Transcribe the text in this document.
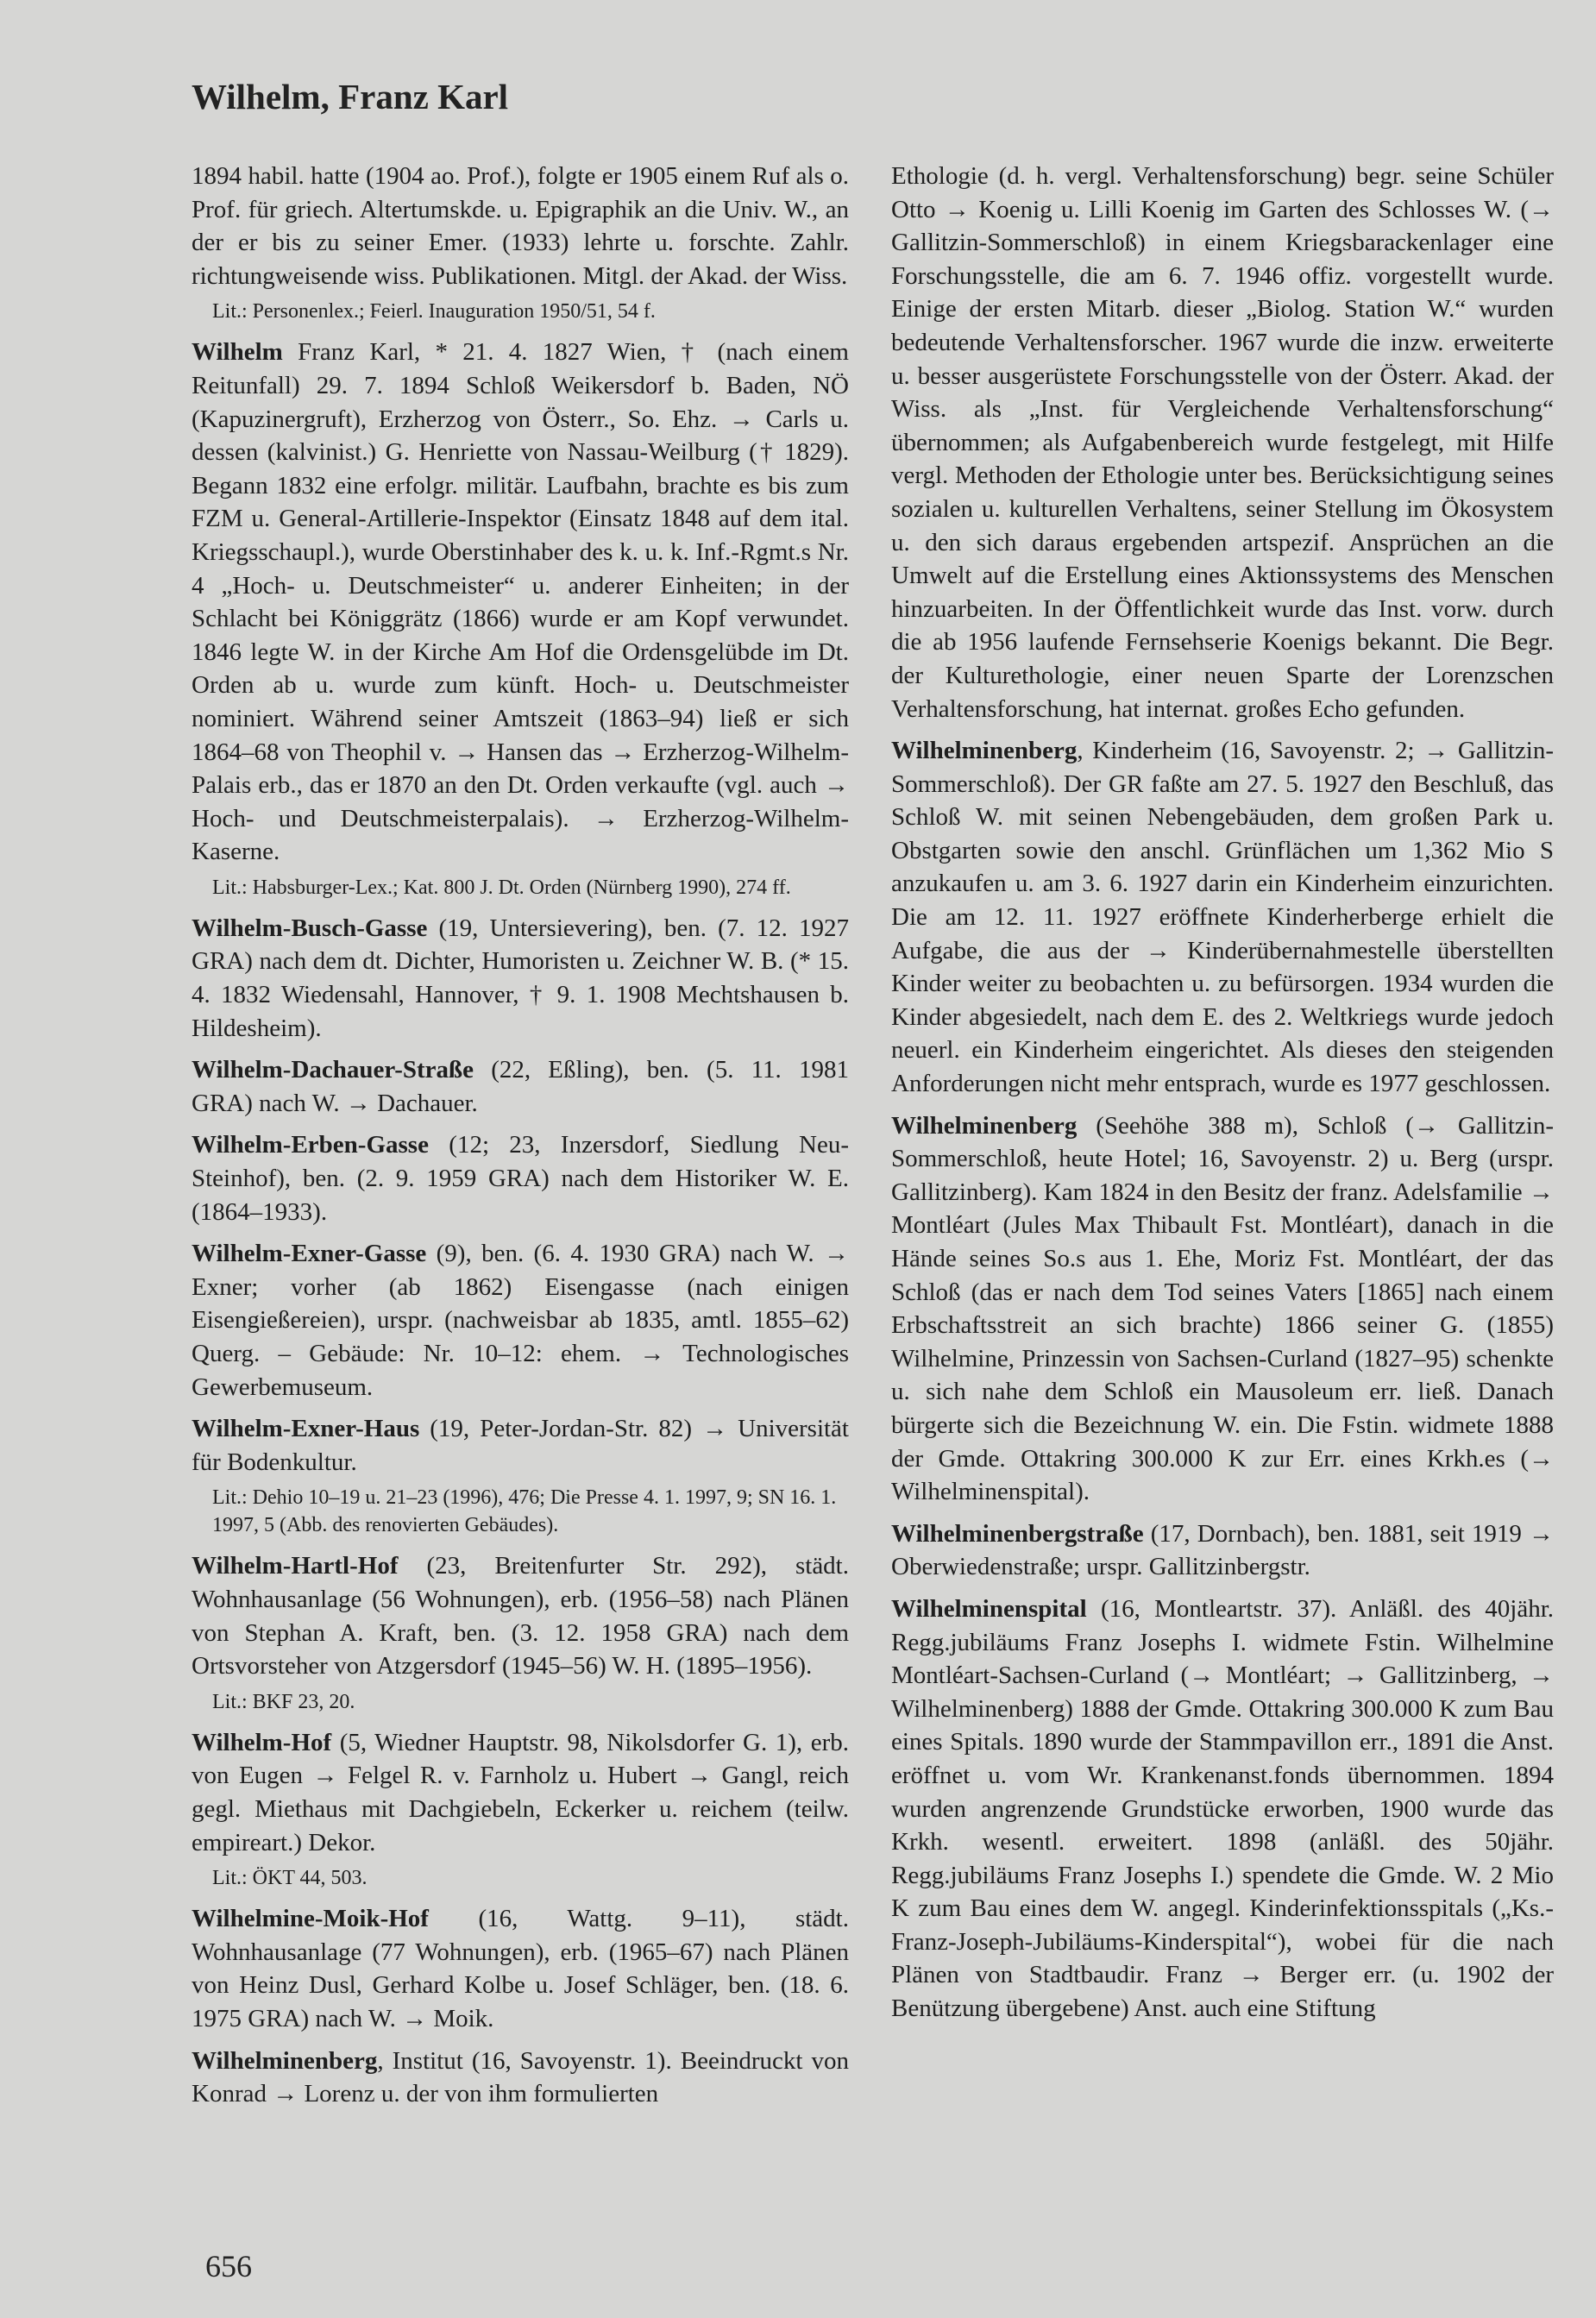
Wilhelm, Franz Karl

1894 habil. hatte (1904 ao. Prof.), folgte er 1905 einem Ruf als o. Prof. für griech. Altertumskde. u. Epigraphik an die Univ. W., an der er bis zu seiner Emer. (1933) lehrte u. forschte. Zahlr. richtungweisende wiss. Publikationen. Mitgl. der Akad. der Wiss.

Lit.: Personenlex.; Feierl. Inauguration 1950/51, 54 f.

Wilhelm Franz Karl, * 21. 4. 1827 Wien, † (nach einem Reitunfall) 29. 7. 1894 Schloß Weikersdorf b. Baden, NÖ (Kapuzinergruft), Erzherzog von Österr., So. Ehz. → Carls u. dessen (kalvinist.) G. Henriette von Nassau-Weilburg († 1829). Begann 1832 eine erfolgr. militär. Laufbahn, brachte es bis zum FZM u. General-Artillerie-Inspektor (Einsatz 1848 auf dem ital. Kriegsschaupl.), wurde Oberstinhaber des k. u. k. Inf.-Rgmt.s Nr. 4 „Hoch- u. Deutschmeister“ u. anderer Einheiten; in der Schlacht bei Königgrätz (1866) wurde er am Kopf verwundet. 1846 legte W. in der Kirche Am Hof die Ordensgelübde im Dt. Orden ab u. wurde zum künft. Hoch- u. Deutschmeister nominiert. Während seiner Amtszeit (1863–94) ließ er sich 1864–68 von Theophil v. → Hansen das → Erzherzog-Wilhelm-Palais erb., das er 1870 an den Dt. Orden verkaufte (vgl. auch → Hoch- und Deutschmeisterpalais). → Erzherzog-Wilhelm-Kaserne.

Lit.: Habsburger-Lex.; Kat. 800 J. Dt. Orden (Nürnberg 1990), 274 ff.

Wilhelm-Busch-Gasse (19, Untersievering), ben. (7. 12. 1927 GRA) nach dem dt. Dichter, Humoristen u. Zeichner W. B. (* 15. 4. 1832 Wiedensahl, Hannover, † 9. 1. 1908 Mechtshausen b. Hildesheim).

Wilhelm-Dachauer-Straße (22, Eßling), ben. (5. 11. 1981 GRA) nach W. → Dachauer.

Wilhelm-Erben-Gasse (12; 23, Inzersdorf, Siedlung Neu-Steinhof), ben. (2. 9. 1959 GRA) nach dem Historiker W. E. (1864–1933).

Wilhelm-Exner-Gasse (9), ben. (6. 4. 1930 GRA) nach W. → Exner; vorher (ab 1862) Eisengasse (nach einigen Eisengießereien), urspr. (nachweisbar ab 1835, amtl. 1855–62) Querg. – Gebäude: Nr. 10–12: ehem. → Technologisches Gewerbemuseum.

Wilhelm-Exner-Haus (19, Peter-Jordan-Str. 82) → Universität für Bodenkultur.

Lit.: Dehio 10–19 u. 21–23 (1996), 476; Die Presse 4. 1. 1997, 9; SN 16. 1. 1997, 5 (Abb. des renovierten Gebäudes).

Wilhelm-Hartl-Hof (23, Breitenfurter Str. 292), städt. Wohnhausanlage (56 Wohnungen), erb. (1956–58) nach Plänen von Stephan A. Kraft, ben. (3. 12. 1958 GRA) nach dem Ortsvorsteher von Atzgersdorf (1945–56) W. H. (1895–1956).

Lit.: BKF 23, 20.

Wilhelm-Hof (5, Wiedner Hauptstr. 98, Nikolsdorfer G. 1), erb. von Eugen → Felgel R. v. Farnholz u. Hubert → Gangl, reich gegl. Miethaus mit Dachgiebeln, Eckerker u. reichem (teilw. empireart.) Dekor.

Lit.: ÖKT 44, 503.

Wilhelmine-Moik-Hof (16, Wattg. 9–11), städt. Wohnhausanlage (77 Wohnungen), erb. (1965–67) nach Plänen von Heinz Dusl, Gerhard Kolbe u. Josef Schläger, ben. (18. 6. 1975 GRA) nach W. → Moik.

Wilhelminenberg, Institut (16, Savoyenstr. 1). Beeindruckt von Konrad → Lorenz u. der von ihm formulierten

Ethologie (d. h. vergl. Verhaltensforschung) begr. seine Schüler Otto → Koenig u. Lilli Koenig im Garten des Schlosses W. (→ Gallitzin-Sommerschloß) in einem Kriegsbarackenlager eine Forschungsstelle, die am 6. 7. 1946 offiz. vorgestellt wurde. Einige der ersten Mitarb. dieser „Biolog. Station W.“ wurden bedeutende Verhaltensforscher. 1967 wurde die inzw. erweiterte u. besser ausgerüstete Forschungsstelle von der Österr. Akad. der Wiss. als „Inst. für Vergleichende Verhaltensforschung“ übernommen; als Aufgabenbereich wurde festgelegt, mit Hilfe vergl. Methoden der Ethologie unter bes. Berücksichtigung seines sozialen u. kulturellen Verhaltens, seiner Stellung im Ökosystem u. den sich daraus ergebenden artspezif. Ansprüchen an die Umwelt auf die Erstellung eines Aktionssystems des Menschen hinzuarbeiten. In der Öffentlichkeit wurde das Inst. vorw. durch die ab 1956 laufende Fernsehserie Koenigs bekannt. Die Begr. der Kulturethologie, einer neuen Sparte der Lorenzschen Verhaltensforschung, hat internat. großes Echo gefunden.

Wilhelminenberg, Kinderheim (16, Savoyenstr. 2; → Gallitzin-Sommerschloß). Der GR faßte am 27. 5. 1927 den Beschluß, das Schloß W. mit seinen Nebengebäuden, dem großen Park u. Obstgarten sowie den anschl. Grünflächen um 1,362 Mio S anzukaufen u. am 3. 6. 1927 darin ein Kinderheim einzurichten. Die am 12. 11. 1927 eröffnete Kinderherberge erhielt die Aufgabe, die aus der → Kinderübernahmestelle überstellten Kinder weiter zu beobachten u. zu befürsorgen. 1934 wurden die Kinder abgesiedelt, nach dem E. des 2. Weltkriegs wurde jedoch neuerl. ein Kinderheim eingerichtet. Als dieses den steigenden Anforderungen nicht mehr entsprach, wurde es 1977 geschlossen.

Wilhelminenberg (Seehöhe 388 m), Schloß (→ Gallitzin-Sommerschloß, heute Hotel; 16, Savoyenstr. 2) u. Berg (urspr. Gallitzinberg). Kam 1824 in den Besitz der franz. Adelsfamilie → Montléart (Jules Max Thibault Fst. Montléart), danach in die Hände seines So.s aus 1. Ehe, Moriz Fst. Montléart, der das Schloß (das er nach dem Tod seines Vaters [1865] nach einem Erbschaftsstreit an sich brachte) 1866 seiner G. (1855) Wilhelmine, Prinzessin von Sachsen-Curland (1827–95) schenkte u. sich nahe dem Schloß ein Mausoleum err. ließ. Danach bürgerte sich die Bezeichnung W. ein. Die Fstin. widmete 1888 der Gmde. Ottakring 300.000 K zur Err. eines Krkh.es (→ Wilhelminenspital).

Wilhelminenbergstraße (17, Dornbach), ben. 1881, seit 1919 → Oberwiedenstraße; urspr. Gallitzinbergstr.

Wilhelminenspital (16, Montleartstr. 37). Anläßl. des 40jähr. Regg.jubiläums Franz Josephs I. widmete Fstin. Wilhelmine Montléart-Sachsen-Curland (→ Montléart; → Gallitzinberg, → Wilhelminenberg) 1888 der Gmde. Ottakring 300.000 K zum Bau eines Spitals. 1890 wurde der Stammpavillon err., 1891 die Anst. eröffnet u. vom Wr. Krankenanst.fonds übernommen. 1894 wurden angrenzende Grundstücke erworben, 1900 wurde das Krkh. wesentl. erweitert. 1898 (anläßl. des 50jähr. Regg.jubiläums Franz Josephs I.) spendete die Gmde. W. 2 Mio K zum Bau eines dem W. angegl. Kinderinfektionsspitals („Ks.-Franz-Joseph-Jubiläums-Kinderspital“), wobei für die nach Plänen von Stadtbaudir. Franz → Berger err. (u. 1902 der Benützung übergebene) Anst. auch eine Stiftung

656
